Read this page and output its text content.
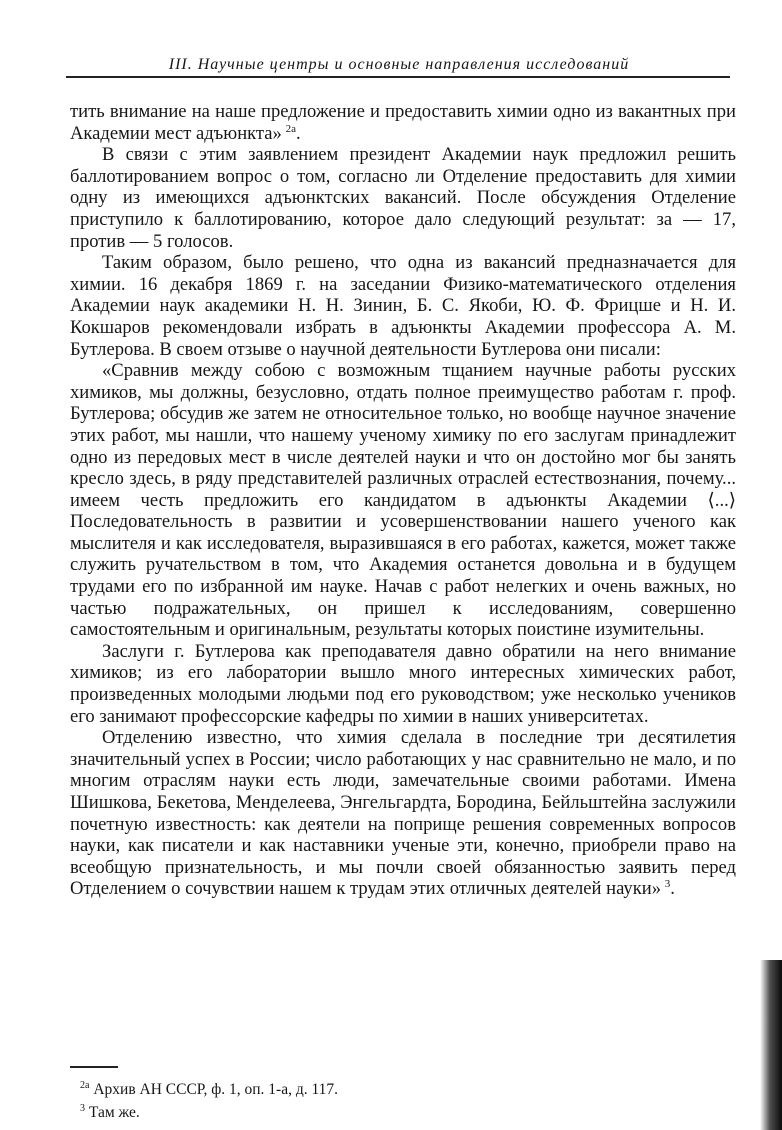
III. Научные центры и основные направления исследований

тить внимание на наше предложение и предоставить химии одно из вакантных при Академии мест адъюнкта»  $^{2a}$.

В связи с этим заявлением президент Академии наук предложил решить баллотированием вопрос о том, согласно ли Отделение предоставить для химии одну из имеющихся адъюнктских вакансий. После обсуждения Отделение приступило к баллотированию, которое дало следующий результат: за — 17, против — 5 голосов.

Таким образом, было решено, что одна из вакансий предназначается для химии. 16 декабря 1869 г. на заседании Физико-математического отделения Академии наук академики Н. Н. Зинин, Б. С. Якоби, Ю. Ф. Фрицше и Н. И. Кокшаров рекомендовали избрать в адъюнкты Академии профессора А. М. Бутлерова. В своем отзыве о научной деятельности Бутлерова они писали:

«Сравнив между собою с возможным тщанием научные работы русских химиков, мы должны, безусловно, отдать полное преимущество работам г. проф. Бутлерова; обсудив же затем не относительное только, но вообще научное значение этих работ, мы нашли, что нашему ученому химику по его заслугам принадлежит одно из передовых мест в числе деятелей науки и что он достойно мог бы занять кресло здесь, в ряду представителей различных отраслей естествознания, почему... имеем честь предложить его кандидатом в адъюнкты Академии ⟨...⟩ Последовательность в развитии и усовершенствовании нашего ученого как мыслителя и как исследователя, выразившаяся в его работах, кажется, может также служить ручательством в том, что Академия останется довольна и в будущем трудами его по избранной им науке. Начав с работ нелегких и очень важных, но частью подражательных, он пришел к исследованиям, совершенно самостоятельным и оригинальным, результаты которых поистине изумительны.

Заслуги г. Бутлерова как преподавателя давно обратили на него внимание химиков; из его лаборатории вышло много интересных химических работ, произведенных молодыми людьми под его руководством; уже несколько учеников его занимают профессорские кафедры по химии в наших университетах.

Отделению известно, что химия сделала в последние три десятилетия значительный успех в России; число работающих у нас сравнительно не мало, и по многим отраслям науки есть люди, замечательные своими работами. Имена Шишкова, Бекетова, Менделеева, Энгельгардта, Бородина, Бейльштейна заслужили почетную известность: как деятели на поприще решения современных вопросов науки, как писатели и как наставники ученые эти, конечно, приобрели право на всеобщую признательность, и мы почли своей обязанностью заявить перед Отделением о сочувствии нашем к трудам этих отличных деятелей науки»  $^3$.

$^{2a}$ Архив АН СССР, ф. 1, оп. 1-а, д. 117.

$^3$ Там же.
